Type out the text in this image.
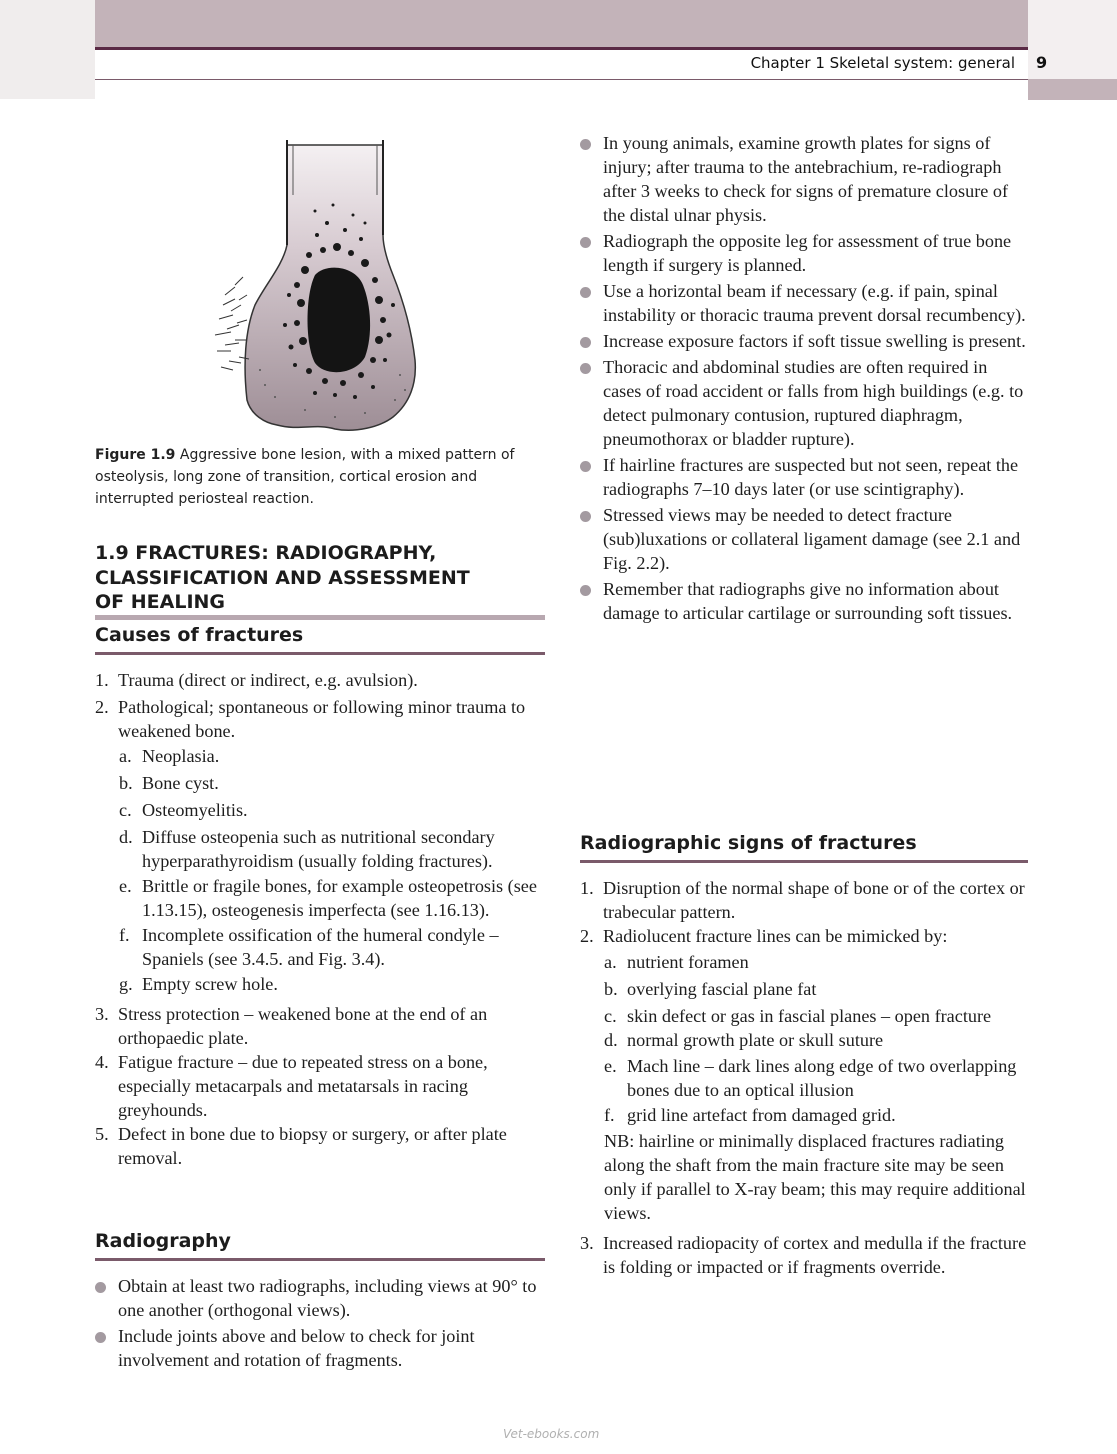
Chapter 1 Skeletal system: general 9
Figure 1.9 Aggressive bone lesion, with a mixed pattern of osteolysis, long zone of transition, cortical erosion and interrupted periosteal reaction.
1.9 FRACTURES: RADIOGRAPHY,
CLASSIFICATION AND ASSESSMENT
OF HEALING
Causes of fractures
1. Trauma (direct or indirect, e.g. avulsion).
2. Pathological; spontaneous or following minor trauma to weakened bone.
a. Neoplasia.
b. Bone cyst.
c. Osteomyelitis.
d. Diffuse osteopenia such as nutritional secondary hyperparathyroidism (usually folding fractures).
e. Brittle or fragile bones, for example osteopetrosis (see 1.13.15), osteogenesis imperfecta (see 1.16.13).
f. Incomplete ossification of the humeral condyle – Spaniels (see 3.4.5. and Fig. 3.4).
g. Empty screw hole.
3. Stress protection – weakened bone at the end of an orthopaedic plate.
4. Fatigue fracture – due to repeated stress on a bone, especially metacarpals and metatarsals in racing greyhounds.
5. Defect in bone due to biopsy or surgery, or after plate removal.
Radiography
Obtain at least two radiographs, including views at 90° to one another (orthogonal views).
Include joints above and below to check for joint involvement and rotation of fragments.
In young animals, examine growth plates for signs of injury; after trauma to the antebrachium, re-radiograph after 3 weeks to check for signs of premature closure of the distal ulnar physis.
Radiograph the opposite leg for assessment of true bone length if surgery is planned.
Use a horizontal beam if necessary (e.g. if pain, spinal instability or thoracic trauma prevent dorsal recumbency).
Increase exposure factors if soft tissue swelling is present.
Thoracic and abdominal studies are often required in cases of road accident or falls from high buildings (e.g. to detect pulmonary contusion, ruptured diaphragm, pneumothorax or bladder rupture).
If hairline fractures are suspected but not seen, repeat the radiographs 7–10 days later (or use scintigraphy).
Stressed views may be needed to detect fracture (sub)luxations or collateral ligament damage (see 2.1 and Fig. 2.2).
Remember that radiographs give no information about damage to articular cartilage or surrounding soft tissues.
Radiographic signs of fractures
1. Disruption of the normal shape of bone or of the cortex or trabecular pattern.
2. Radiolucent fracture lines can be mimicked by:
a. nutrient foramen
b. overlying fascial plane fat
c. skin defect or gas in fascial planes – open fracture
d. normal growth plate or skull suture
e. Mach line – dark lines along edge of two overlapping bones due to an optical illusion
f. grid line artefact from damaged grid.
NB: hairline or minimally displaced fractures radiating along the shaft from the main fracture site may be seen only if parallel to X-ray beam; this may require additional views.
3. Increased radiopacity of cortex and medulla if the fracture is folding or impacted or if fragments override.
Vet-ebooks.com
